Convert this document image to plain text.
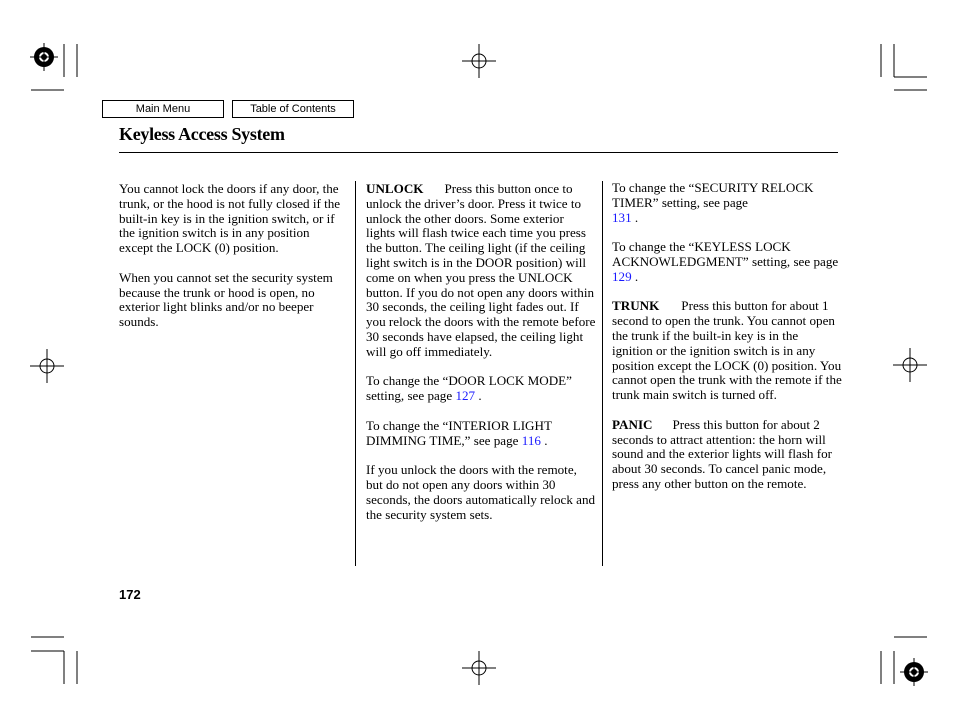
Main Menu	Table of Contents
Keyless Access System

You cannot lock the doors if any door, the trunk, or the hood is not fully closed if the built-in key is in the ignition switch, or if the ignition switch is in any position except the LOCK (0) position.

When you cannot set the security system because the trunk or hood is open, no exterior light blinks and/or no beeper sounds.

UNLOCK Press this button once to unlock the driver’s door. Press it twice to unlock the other doors. Some exterior lights will flash twice each time you press the button. The ceiling light (if the ceiling light switch is in the DOOR position) will come on when you press the UNLOCK button. If you do not open any doors within 30 seconds, the ceiling light fades out. If you relock the doors with the remote before 30 seconds have elapsed, the ceiling light will go off immediately.

To change the “DOOR LOCK MODE” setting, see page 127 .

To change the “INTERIOR LIGHT DIMMING TIME,” see page 116 .

If you unlock the doors with the remote, but do not open any doors within 30 seconds, the doors automatically relock and the security system sets.

To change the “SECURITY RELOCK TIMER” setting, see page
131 .

To change the “KEYLESS LOCK ACKNOWLEDGMENT” setting, see page 129 .

TRUNK Press this button for about 1 second to open the trunk. You cannot open the trunk if the built-in key is in the ignition or the ignition switch is in any position except the LOCK (0) position. You cannot open the trunk with the remote if the trunk main switch is turned off.

PANIC Press this button for about 2 seconds to attract attention: the horn will sound and the exterior lights will flash for about 30 seconds. To cancel panic mode, press any other button on the remote.

172
